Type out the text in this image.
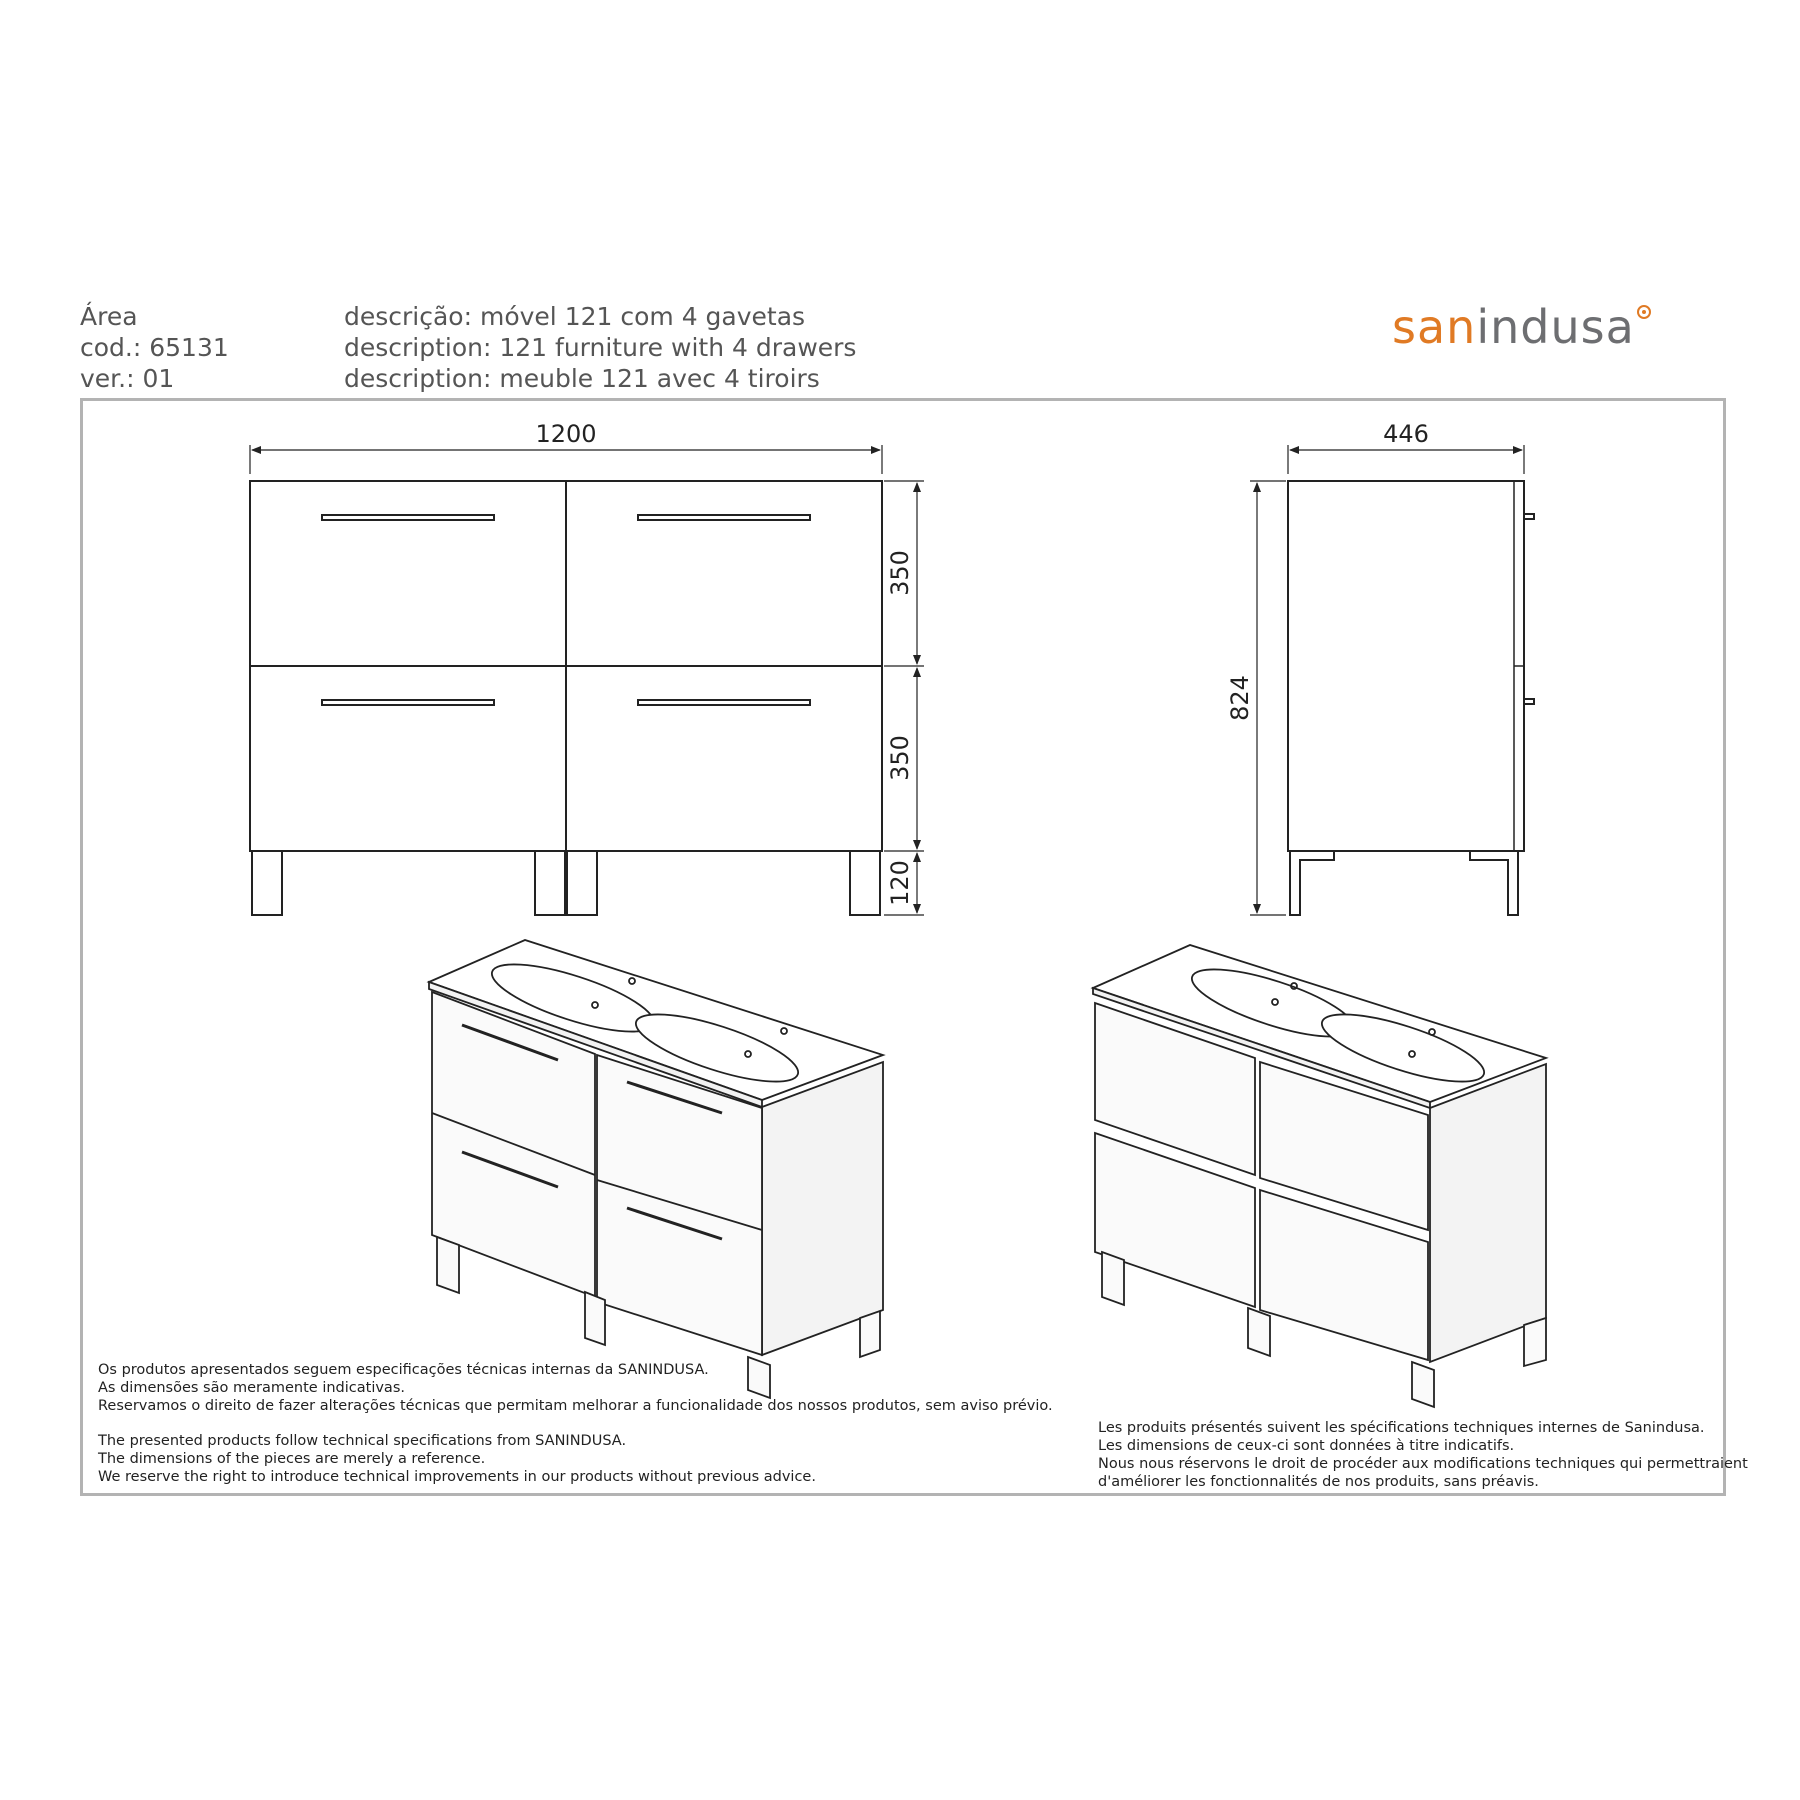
Área
cod.: 65131
ver.: 01
descrição: móvel 121 com 4 gavetas
description: 121 furniture with 4 drawers
description: meuble 121 avec 4 tiroirs
sanindusa
1200
350
350
120
446
824
Os produtos apresentados seguem especificações técnicas internas da SANINDUSA.
As dimensões são meramente indicativas.
Reservamos o direito de fazer alterações técnicas que permitam melhorar a funcionalidade dos nossos produtos, sem aviso prévio.
The presented products follow technical specifications from SANINDUSA.
The dimensions of the pieces are merely a reference.
We reserve the right to introduce technical improvements in our products without previous advice.
Les produits présentés suivent les spécifications techniques internes de Sanindusa.
Les dimensions de ceux-ci sont données à titre indicatifs.
Nous nous réservons le droit de procéder aux modifications techniques qui permettraient
d'améliorer les fonctionnalités de nos produits, sans préavis.
